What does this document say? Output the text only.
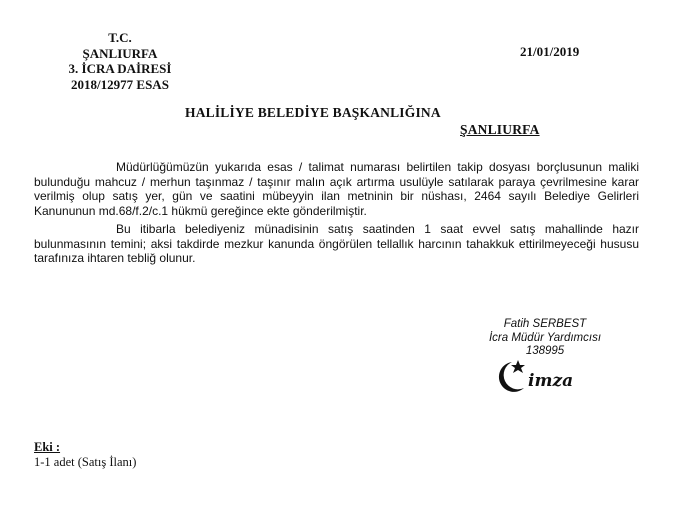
T.C.
ŞANLIURFA
3. İCRA DAİRESİ
2018/12977 ESAS
21/01/2019
HALİLİYE BELEDİYE BAŞKANLIĞINA
ŞANLIURFA

Müdürlüğümüzün yukarıda esas / talimat numarası belirtilen takip dosyası borçlusunun maliki bulunduğu mahcuz / merhun taşınmaz / taşınır malın açık artırma usulüyle satılarak paraya çevrilmesine karar verilmiş olup satış yer, gün ve saatini mübeyyin ilan metninin bir nüshası, 2464 sayılı Belediye Gelirleri Kanununun md.68/f.2/c.1 hükmü gereğince ekte gönderilmiştir.

Bu itibarla belediyeniz münadisinin satış saatinden 1 saat evvel satış mahallinde hazır bulunmasının temini; aksi takdirde mezkur kanunda öngörülen tellallık harcının tahakkuk ettirilmeyeceği hususu tarafınıza ihtaren tebliğ olunur.

Fatih SERBEST
İcra Müdür Yardımcısı
138995
imza
Eki :
1-1 adet (Satış İlanı)
